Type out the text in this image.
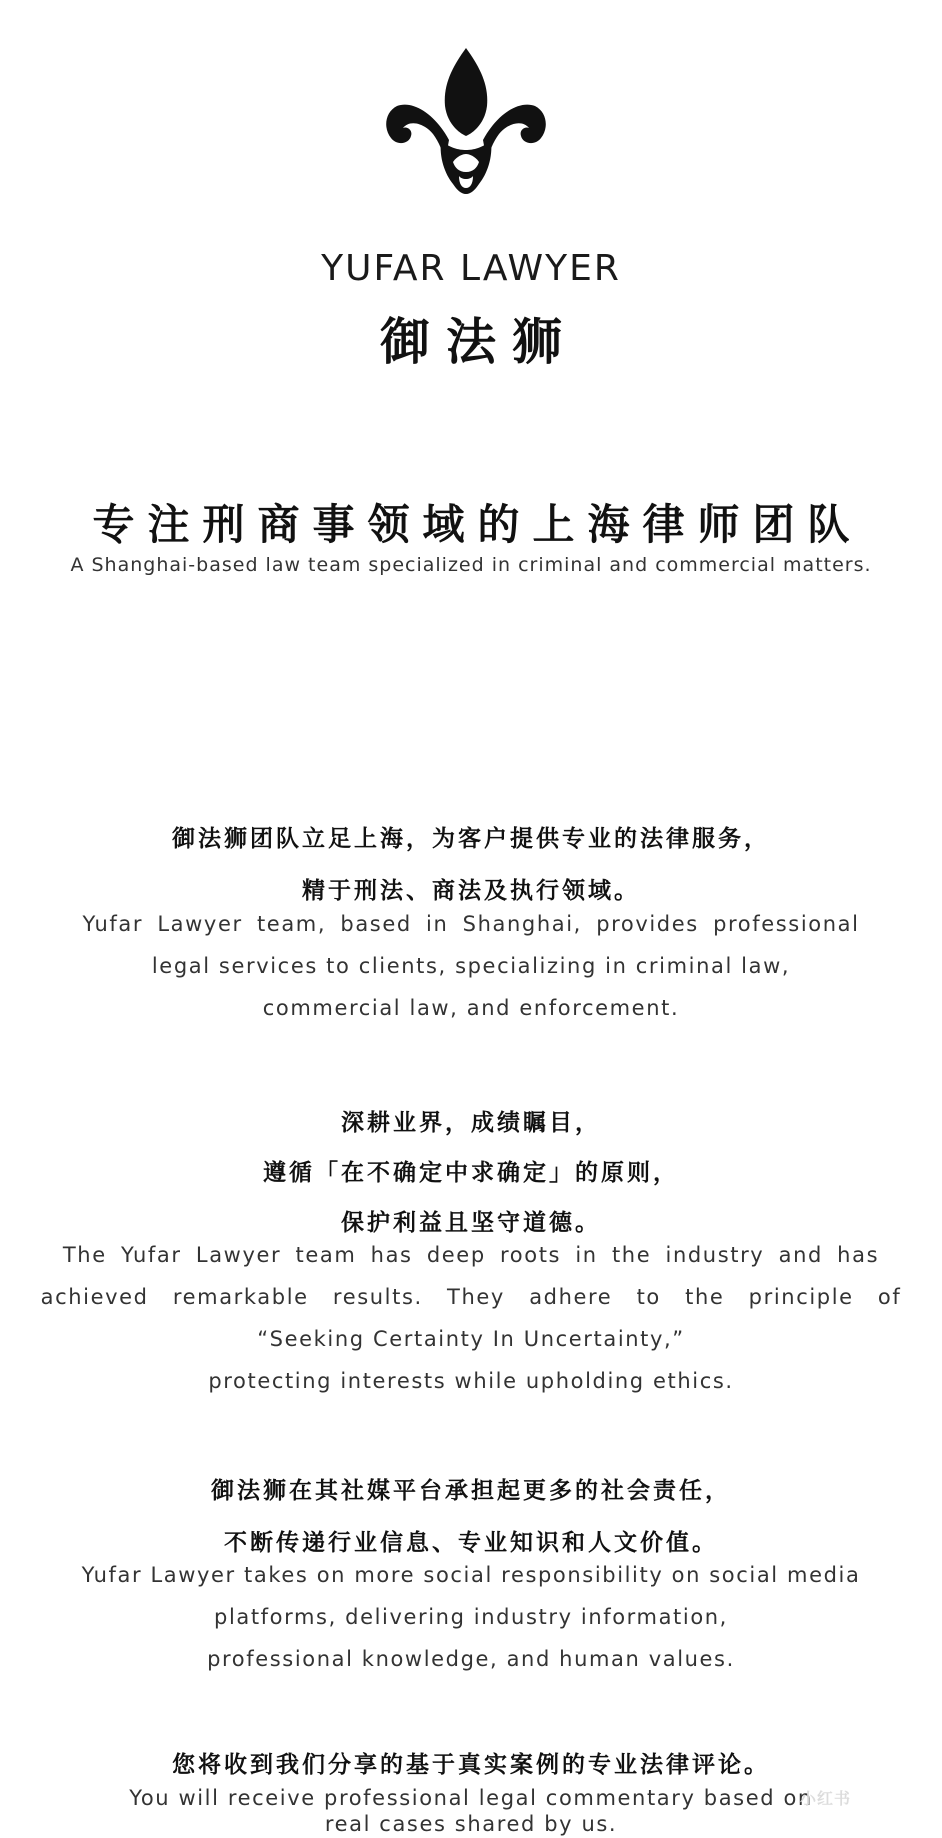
YUFAR LAWYER
御法狮
专注刑商事领域的上海律师团队
A Shanghai-based law team specialized in criminal and commercial matters.
御法狮团队立足上海，为客户提供专业的法律服务，
精于刑法、商法及执行领域。
Yufar Lawyer team, based in Shanghai, provides professional
legal services to clients, specializing in criminal law,
commercial law, and enforcement.
深耕业界，成绩瞩目，
遵循「在不确定中求确定」的原则，
保护利益且坚守道德。
The Yufar Lawyer team has deep roots in the industry and has
achieved remarkable results. They adhere to the principle of
“Seeking Certainty In Uncertainty,”
protecting interests while upholding ethics.
御法狮在其社媒平台承担起更多的社会责任，
不断传递行业信息、专业知识和人文价值。
Yufar Lawyer takes on more social responsibility on social media
platforms, delivering industry information,
professional knowledge, and human values.
您将收到我们分享的基于真实案例的专业法律评论。
You will receive professional legal commentary based on
小红书
real cases shared by us.
